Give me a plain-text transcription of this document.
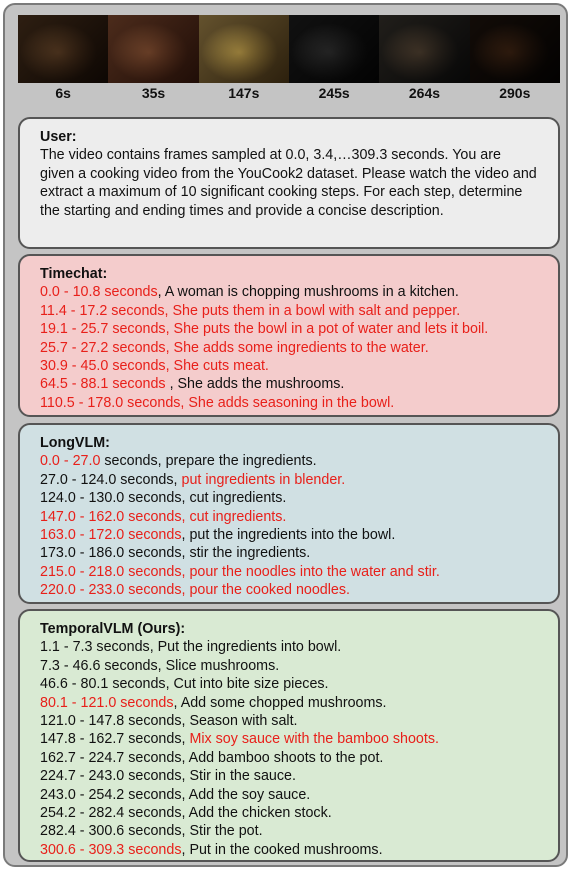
6s	35s	147s	245s	264s	290s
User:
The video contains frames sampled at 0.0, 3.4,…309.3 seconds. You are given a cooking video from the YouCook2 dataset. Please watch the video and extract a maximum of 10 significant cooking steps. For each step, determine the starting and ending times and provide a concise description.
Timechat:
0.0 - 10.8 seconds, A woman is chopping mushrooms in a kitchen.
11.4 - 17.2 seconds, She puts them in a bowl with salt and pepper.
19.1 - 25.7 seconds, She puts the bowl in a pot of water and lets it boil.
25.7 - 27.2 seconds, She adds some ingredients to the water.
30.9 - 45.0 seconds, She cuts meat.
64.5 - 88.1 seconds , She adds the mushrooms.
110.5 - 178.0 seconds, She adds seasoning in the bowl.
LongVLM:
0.0 - 27.0 seconds, prepare the ingredients.
27.0 - 124.0 seconds, put ingredients in blender.
124.0 - 130.0 seconds, cut ingredients.
147.0 - 162.0 seconds, cut ingredients.
163.0 - 172.0 seconds, put the ingredients into the bowl.
173.0 - 186.0 seconds, stir the ingredients.
215.0 - 218.0 seconds, pour the noodles into the water and stir.
220.0 - 233.0 seconds, pour the cooked noodles.
TemporalVLM (Ours):
1.1 - 7.3 seconds, Put the ingredients into bowl.
7.3 - 46.6 seconds, Slice mushrooms.
46.6 - 80.1 seconds, Cut into bite size pieces.
80.1 - 121.0 seconds, Add some chopped mushrooms.
121.0 - 147.8 seconds, Season with salt.
147.8 - 162.7 seconds, Mix soy sauce with the bamboo shoots.
162.7 - 224.7 seconds, Add bamboo shoots to the pot.
224.7 - 243.0 seconds, Stir in the sauce.
243.0 - 254.2 seconds, Add the soy sauce.
254.2 - 282.4 seconds, Add the chicken stock.
282.4 - 300.6 seconds, Stir the pot.
300.6 - 309.3 seconds, Put in the cooked mushrooms.
